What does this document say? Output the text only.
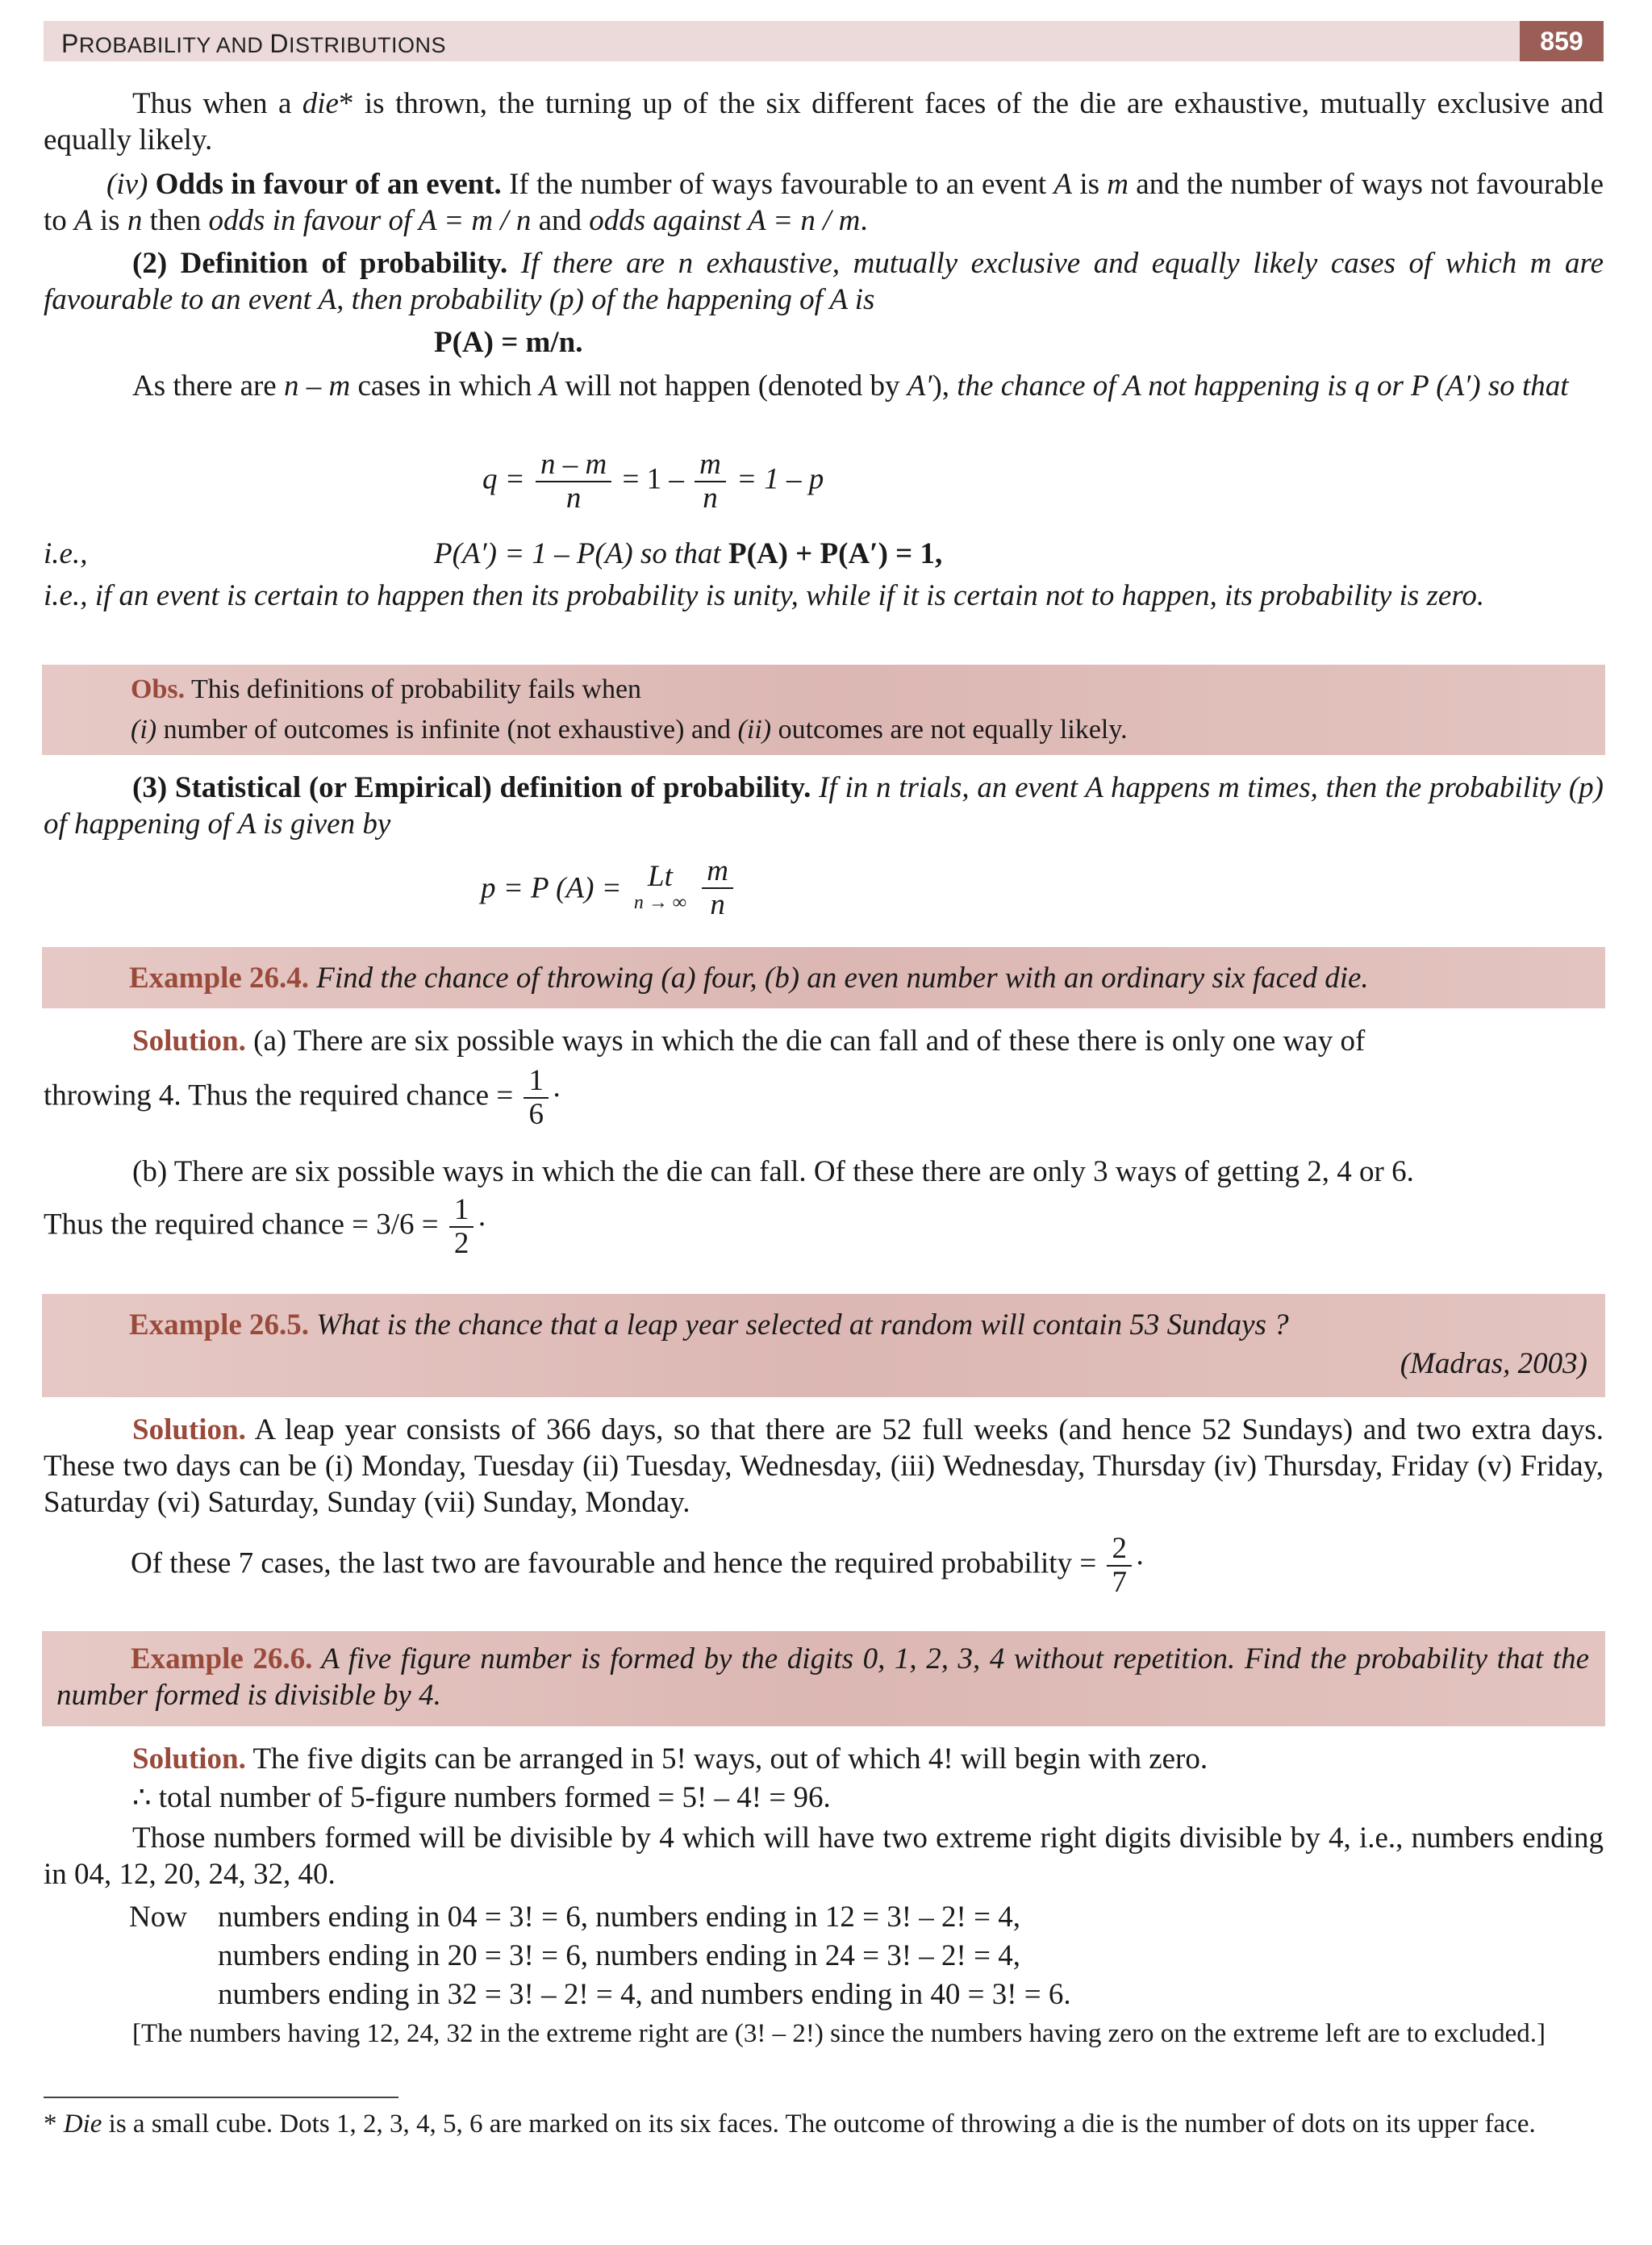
PROBABILITY AND DISTRIBUTIONS	859
Thus when a die* is thrown, the turning up of the six different faces of the die are exhaustive, mutually exclusive and equally likely.
(iv) Odds in favour of an event. If the number of ways favourable to an event A is m and the number of ways not favourable to A is n then odds in favour of A = m / n and odds against A = n / m.
(2) Definition of probability. If there are n exhaustive, mutually exclusive and equally likely cases of which m are favourable to an event A, then probability (p) of the happening of A is
P(A) = m/n.
As there are n – m cases in which A will not happen (denoted by A′), the chance of A not happening is q or P (A′) so that
$q = \frac{n - m}{n} = 1 - \frac{m}{n} = 1 - p$
i.e.,	P(A′) = 1 – P(A) so that P(A) + P(A′) = 1,
i.e., if an event is certain to happen then its probability is unity, while if it is certain not to happen, its probability is zero.
Obs. This definitions of probability fails when
(i) number of outcomes is infinite (not exhaustive) and (ii) outcomes are not equally likely.
(3) Statistical (or Empirical) definition of probability. If in n trials, an event A happens m times, then the probability (p) of happening of A is given by
p = P (A) = Lt
n → ∞
$\frac{m}{n}$
Example 26.4. Find the chance of throwing (a) four, (b) an even number with an ordinary six faced die.
Solution. (a) There are six possible ways in which the die can fall and of these there is only one way of
throwing 4. Thus the required chance = $\frac{1}{6}$ ·
(b) There are six possible ways in which the die can fall. Of these there are only 3 ways of getting 2, 4 or 6.
Thus the required chance = $3/6 = \frac{1}{2}$ ·
Example 26.5. What is the chance that a leap year selected at random will contain 53 Sundays ?
(Madras, 2003)
Solution. A leap year consists of 366 days, so that there are 52 full weeks (and hence 52 Sundays) and two extra days. These two days can be (i) Monday, Tuesday (ii) Tuesday, Wednesday, (iii) Wednesday, Thursday (iv) Thursday, Friday (v) Friday, Saturday (vi) Saturday, Sunday (vii) Sunday, Monday.
Of these 7 cases, the last two are favourable and hence the required probability = $\frac{2}{7}$ ·
Example 26.6. A five figure number is formed by the digits 0, 1, 2, 3, 4 without repetition. Find the probability that the number formed is divisible by 4.
Solution. The five digits can be arranged in 5! ways, out of which 4! will begin with zero.
∴ total number of 5-figure numbers formed = 5! – 4! = 96.
Those numbers formed will be divisible by 4 which will have two extreme right digits divisible by 4, i.e., numbers ending in 04, 12, 20, 24, 32, 40.
Now numbers ending in 04 = 3! = 6, numbers ending in 12 = 3! – 2! = 4,
numbers ending in 20 = 3! = 6, numbers ending in 24 = 3! – 2! = 4,
numbers ending in 32 = 3! – 2! = 4, and numbers ending in 40 = 3! = 6.
[The numbers having 12, 24, 32 in the extreme right are (3! – 2!) since the numbers having zero on the extreme left are to excluded.]
* Die is a small cube. Dots 1, 2, 3, 4, 5, 6 are marked on its six faces. The outcome of throwing a die is the number of dots on its upper face.
